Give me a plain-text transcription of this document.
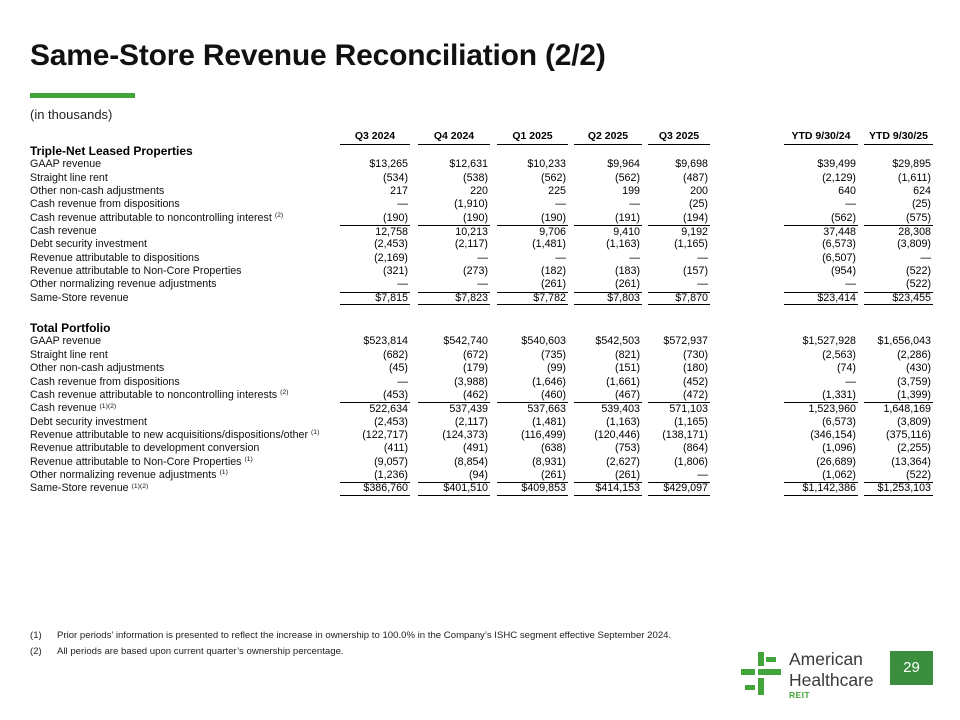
Same-Store Revenue Reconciliation (2/2)
(in thousands)
Q3 2024	Q4 2024	Q1 2025	Q2 2025	Q3 2025	YTD 9/30/24	YTD 9/30/25
Triple-Net Leased Properties
GAAP revenue	$13,265	$12,631	$10,233	$9,964	$9,698	$39,499	$29,895
Straight line rent	(534)	(538)	(562)	(562)	(487)	(2,129)	(1,611)
Other non-cash adjustments	217	220	225	199	200	640	624
Cash revenue from dispositions	—	(1,910)	—	—	(25)	—	(25)
Cash revenue attributable to noncontrolling interest $^{(2)}$	(190)	(190)	(190)	(191)	(194)	(562)	(575)
Cash revenue	12,758	10,213	9,706	9,410	9,192	37,448	28,308
Debt security investment	(2,453)	(2,117)	(1,481)	(1,163)	(1,165)	(6,573)	(3,809)
Revenue attributable to dispositions	(2,169)	—	—	—	—	(6,507)	—
Revenue attributable to Non-Core Properties	(321)	(273)	(182)	(183)	(157)	(954)	(522)
Other normalizing revenue adjustments	—	—	(261)	(261)	—	—	(522)
Same-Store revenue	$7,815	$7,823	$7,782	$7,803	$7,870	$23,414	$23,455
Total Portfolio
GAAP revenue	$523,814	$542,740	$540,603	$542,503	$572,937	$1,527,928	$1,656,043
Straight line rent	(682)	(672)	(735)	(821)	(730)	(2,563)	(2,286)
Other non-cash adjustments	(45)	(179)	(99)	(151)	(180)	(74)	(430)
Cash revenue from dispositions	—	(3,988)	(1,646)	(1,661)	(452)	—	(3,759)
Cash revenue attributable to noncontrolling interests $^{(2)}$	(453)	(462)	(460)	(467)	(472)	(1,331)	(1,399)
Cash revenue $^{(1)(2)}$	522,634	537,439	537,663	539,403	571,103	1,523,960	1,648,169
Debt security investment	(2,453)	(2,117)	(1,481)	(1,163)	(1,165)	(6,573)	(3,809)
Revenue attributable to new acquisitions/dispositions/other $^{(1)}$	(122,717)	(124,373)	(116,499)	(120,446)	(138,171)	(346,154)	(375,116)
Revenue attributable to development conversion	(411)	(491)	(638)	(753)	(864)	(1,096)	(2,255)
Revenue attributable to Non-Core Properties $^{(1)}$	(9,057)	(8,854)	(8,931)	(2,627)	(1,806)	(26,689)	(13,364)
Other normalizing revenue adjustments $^{(1)}$	(1,236)	(94)	(261)	(261)	—	(1,062)	(522)
Same-Store revenue $^{(1)(2)}$	$386,760	$401,510	$409,853	$414,153	$429,097	$1,142,386	$1,253,103
(1) Prior periods’ information is presented to reflect the increase in ownership to 100.0% in the Company’s ISHC segment effective September 2024.
(2) All periods are based upon current quarter’s ownership percentage.	American
Healthcare
REIT
29
